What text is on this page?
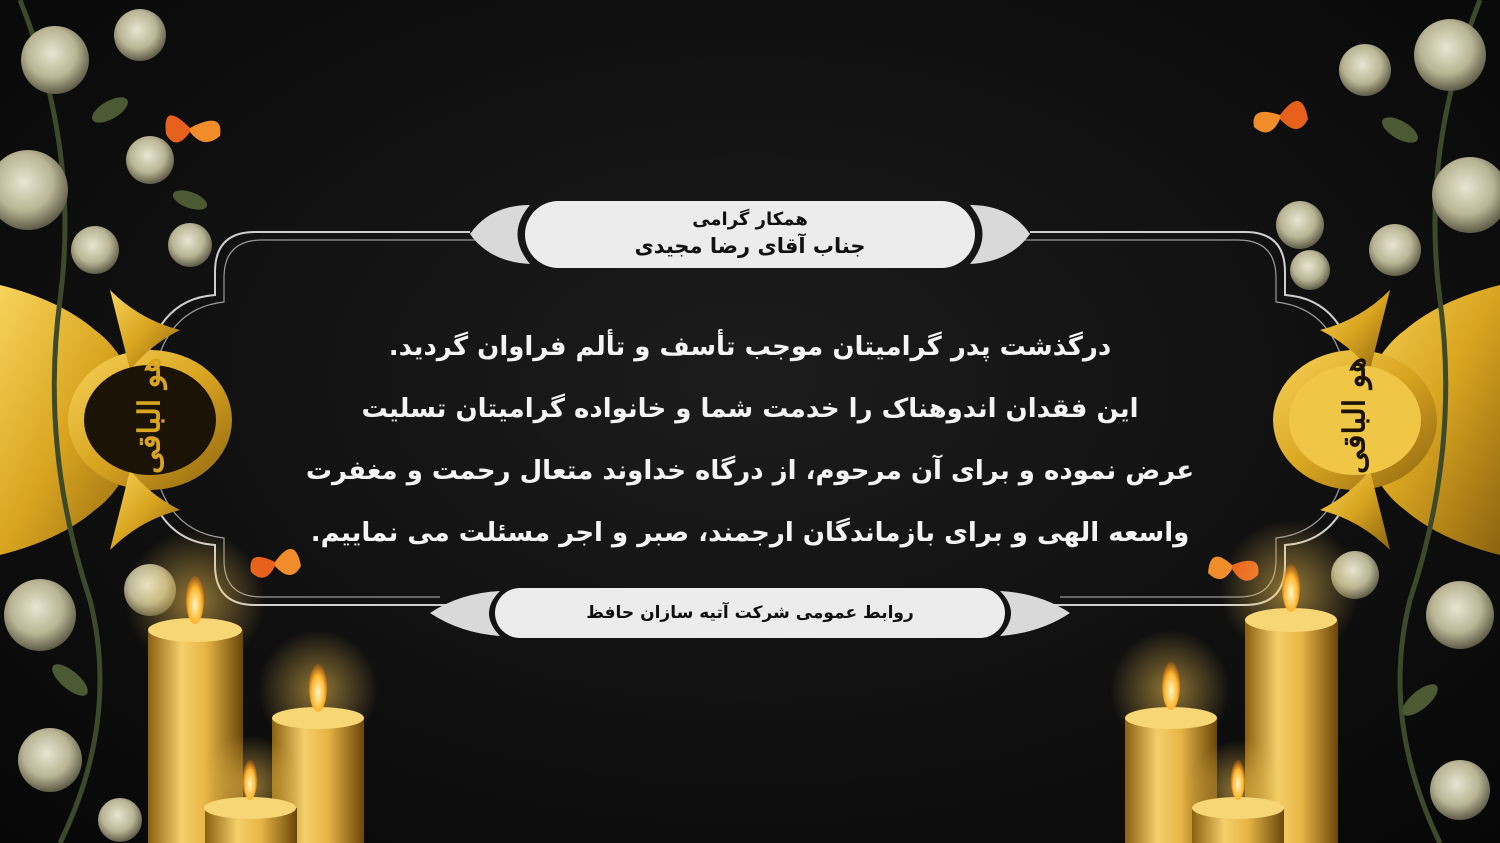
هو الباقی	هو الباقی
همکار گرامی
جناب آقای رضا مجیدی

درگذشت پدر گرامیتان موجب تأسف و تألم فراوان گردید.

این فقدان اندوهناک را خدمت شما و خانواده گرامیتان تسلیت

عرض نموده و برای آن مرحوم، از درگاه خداوند متعال رحمت و مغفرت

واسعه الهی و برای بازماندگان ارجمند، صبر و اجر مسئلت می نماییم.

روابط عمومی شرکت آتیه سازان حافظ
